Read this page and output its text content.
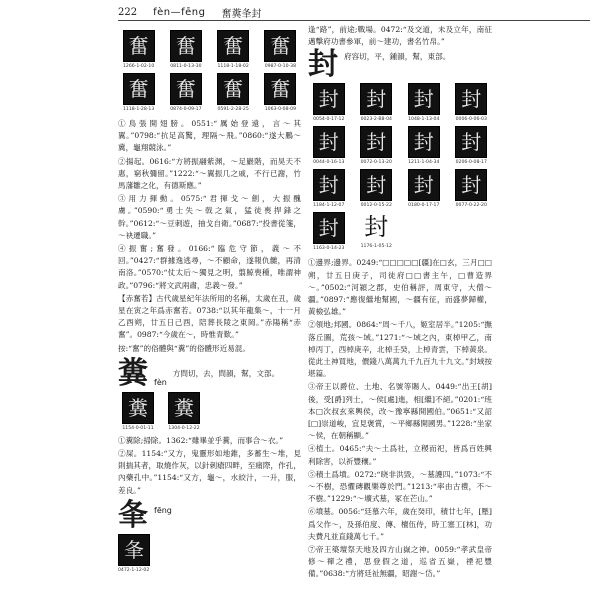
222 fèn—fēng 奮糞夆封
奮
1266-1-02-10
奮
0811-0-13-30
奮
1118-1-18-02
奮
0987-0-10-38
奮
1118-1-28-13
奮
0874-0-09-17
奮
0591-2-28-25
奮
1063-0-08-09

①鳥張開翅膀。0551:“厲始登遠，言～其翼。”0798:“抗足高驚，理隔～飛。”0860:“遂大鵬～冀，龜翔競泳。”

②揚起。0616:“方將振翮紫渊，～足巖階，而昊天不惠，窮秋彌留。”1222:“～翼振几之戚，不行已謝，竹馬藩雛之化，有德斯應。”

③用力揮動。0575:“君揮戈～劍，大振醜虜。”0590:“勇士失～戟之氣，猛徒喪捍鋒之幹。”0612:“～豆刺遊，抽戈自衛。”0687:“投書從箋，～袂遷職。”

④振奮;奮發。0166:“臨危守節，義～不回。”0427:“群據逸逃尋，～不顧命，遂報仇雠，再清南洛。”0570:“仗太后～獨見之明，翦鯨喪種，唯謂神政。”0796:“將文武兩肅，忠義～發。”

【赤奮若】古代歲星紀年法所用的名稱，太歲在丑，歲星在寅之年爲赤奮若。0738:“以其年龍集～，十一月乙酉朔，廿五日己酉，陪葬長陵之東岡。”赤陽稱“赤奮”。0987:“今歲在～，時惟青歎。”

按:“奮”的俗體與“糞”的俗體形近易混。

糞 fèn
方問切，去，問韻，幫，文部。
糞
1154-0-01-11
糞
1304-0-12-22

①糞除;掃除。1362:“雖畢並乎糞，而事合～衣。”

②屎。1154:“又方，鬼靈形如地錐，多蓄生～堆，見則揣其者，取燒作灰，以針刺瘡四畔，至痛際，作孔，內藥孔中。”1154:“又方，龜～，水絞汁，一升，服，差良。”

夆 fēng
夆
0472-1-12-02

逢“路”，前途;戰場。0472:“及交道，未及立年，南征邁擊府功書參軍，前～建功，書名竹帛。”

封 府容切，平，鍾韻，幫，東部。
封
0054-0-17-12
封
0023-2-B8-04
封
1048-1-13-04
封
0006-0-06-03
封
0044-0-16-13
封
0072-0-13-20
封
1211-1-04-34
封
0206-0-08-17
封
1184-1-12-07
封
0012-0-15-22
封
0180-0-17-17
封
0077-0-22-20
封
1163-0-14-23
封
1176-1-05-12

①邊界;邊界。0249:“□□□□□[疆]在□玄，三月□□朔，廿五日庚子，司徒府□□書主午，□曹造界～。”0502:“河潁之郡，史伯稱評，周東守，大僧～疆。”0897:“應復繼地幫國，～疆有征，而盛夢歸權，黃檢弘雄。”

②領地;邦國。0864:“周～千八，姬室居半。”1205:“撫落丘圖，荒孩～域。”1271:“～域之內，東棹甲乙，南棹丙丁，西棹庚辛，北棹壬癸，上棹青雲，下棹黃泉。從此土神買地，價錢八萬萬九千九百九十九文。”封域按堪篇。

③帝王以爵位、土地、名號等賜人。0449:“出王[胡]後，受[爵]列士，～侯[處]進，相[繼]不絕。”0201:“班本□次叔玄來輿侯，改～豫寧縣開國伯。”0651:“又詔[□]崇道峻，宜見褒賞，～平鄉縣開國男。”1228:“坐家～侯，在朝稱顯。”

④植土。0465:“夫～土爲社，立稷而祀，皆爲百姓興利除害，以祈豐穰。”

⑤積土爲墳。0272:“晓非洪毀，～墓護四。”1073:“不～不樹，恐懼磚觀樂尊於門。”1213:“率由古禮，不～不樹。”1229:“～壙式墓，冢在芒山。”

⑥墳墓。0056:“廷慕六年，歲在癸印，積廿七年，[壓]爲父作～，及孫伯度、傳、檀伍侍，時工塞工[林]，功夫費凡並直錢萬七千。”

⑦帝王築壇祭天地及四方山嶽之神。0059:“孝武皇帝修～禪之禮，思登假之道，巡省五嶽，禋祀豐備。”0638:“方將廷祉無疆，昭謝～岱。”
